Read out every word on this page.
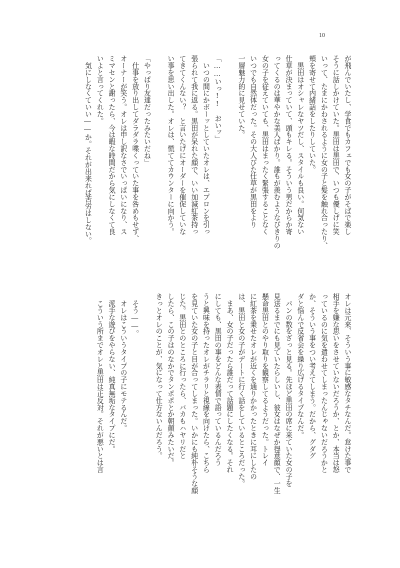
10
が飛んでいたし、学食でもカフェでも女の子がそばで楽し
そうに話しかけていた。黒田は黒田で、いつも優しげに笑
いって、たまにかわされるように女の子と髪を触れ合ったり、
頬を寄せて内緒話をしたりしていた。
　黒田はオシャレなヤツだし、スタイルも良い。何気ない
仕草が決まっていて、頭もキレる。そういう男だからか寄
ってくるのは華やかな美人ばかり。誰もが羨むようなびきりの
女の子を従えていても、黒田はまったく緊張することなく
いつでも自然体だった。その大人びた仕草が黒田をより
一層魅力的に見せていた。
「……いっ!!　おいッ」
　いつの間にかボーッとしていたオレは、エプロンを引っ
張られて我に返る。黒田が呆れた顔で、いい加減紅茶持っ
てきてくんない？　と言いたげにオーダーを催促していな
い事を思い出した。オレは、慌ててカウンターに向かう。
「やっぱり友達だったみたいだね」
　仕事を放り出してダラダラ喋くっていた事を咎めもせず、
オーナーが笑う。オレは申し訳なさでいっぱいになり、ス
ミマセンと謝ったら、今は暇な時間だから気にしなくて良
いよと言ってくれた。
　気にしなくていい――か。それが出来れば苦労はしない。
オレは元来、そういう事に敏感なタチなんだ。怠けた事で
相手を嫌な思いをさせていないだろうか、とか、本当は怒
っているのに気を遣わせてしまったんじゃないだろうかと
か、そういう事をつい考えてしまう。だから、グダグ
ダと悩んで反省会を繰り広げるタイプなんだ。
　パンの数をざっと見る。先ほど黒田の席に来ていた女の子を
見送るまでにも見ていたらしいし、彼女はなぜか得意顔で、一生
懸命黒田とのやり取りを観察してるようだった。トレイ
に紅茶を乗せたオレが近くを通りかかったときに耳にしたの
は、黒田と女の子がデートに行く話をしているところだった。
　まあ、女の子だったら誰だって話題にしたくなる。それ
にしても、黒田の事をどんな表情で語っているんだろう
うと興味を持ったオレがチラリと視線を向けたら、こちら
を見ていた女の子と目が合ってしまった。いかにも純朴そうな顔
じた。黒田とのところに行ったら、バカもハヤリだと
したら、この子はのなかでタンポポとか朝顔みたいだ。
きっとオレのことが、気になって仕方ないんだろう。
　そう――。
　オレはこういうタイプの子にモテるんだ。
　派手な遊びをやらない、純真無垢なタイプにだ。
　こういう所までオレと黒田は正反対。それが悪いとは言
